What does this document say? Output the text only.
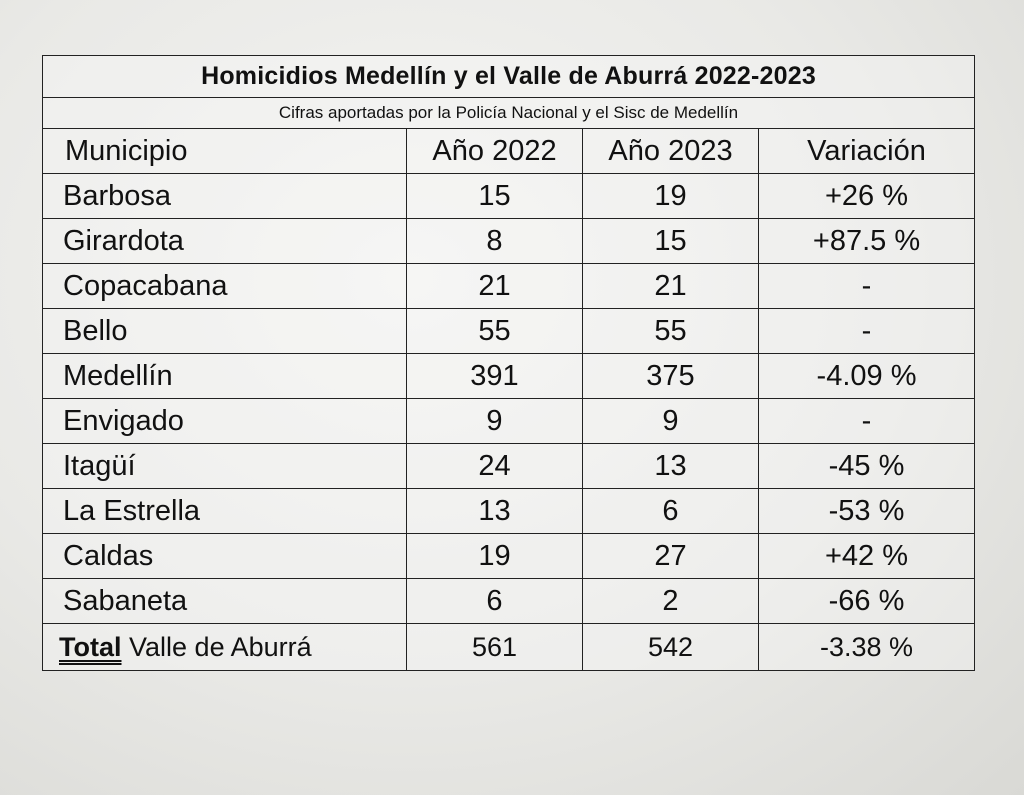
Homicidios Medellín y el Valle de Aburrá 2022-2023			
Cifras aportadas por la Policía Nacional y el Sisc de Medellín			
Municipio	Año 2022	Año 2023	Variación
Barbosa	15	19	+26 %
Girardota	8	15	+87.5 %
Copacabana	21	21	-
Bello	55	55	-
Medellín	391	375	-4.09 %
Envigado	9	9	-
Itagüí	24	13	-45 %
La Estrella	13	6	-53 %
Caldas	19	27	+42 %
Sabaneta	6	2	-66 %
Total Valle de Aburrá	561	542	-3.38 %
